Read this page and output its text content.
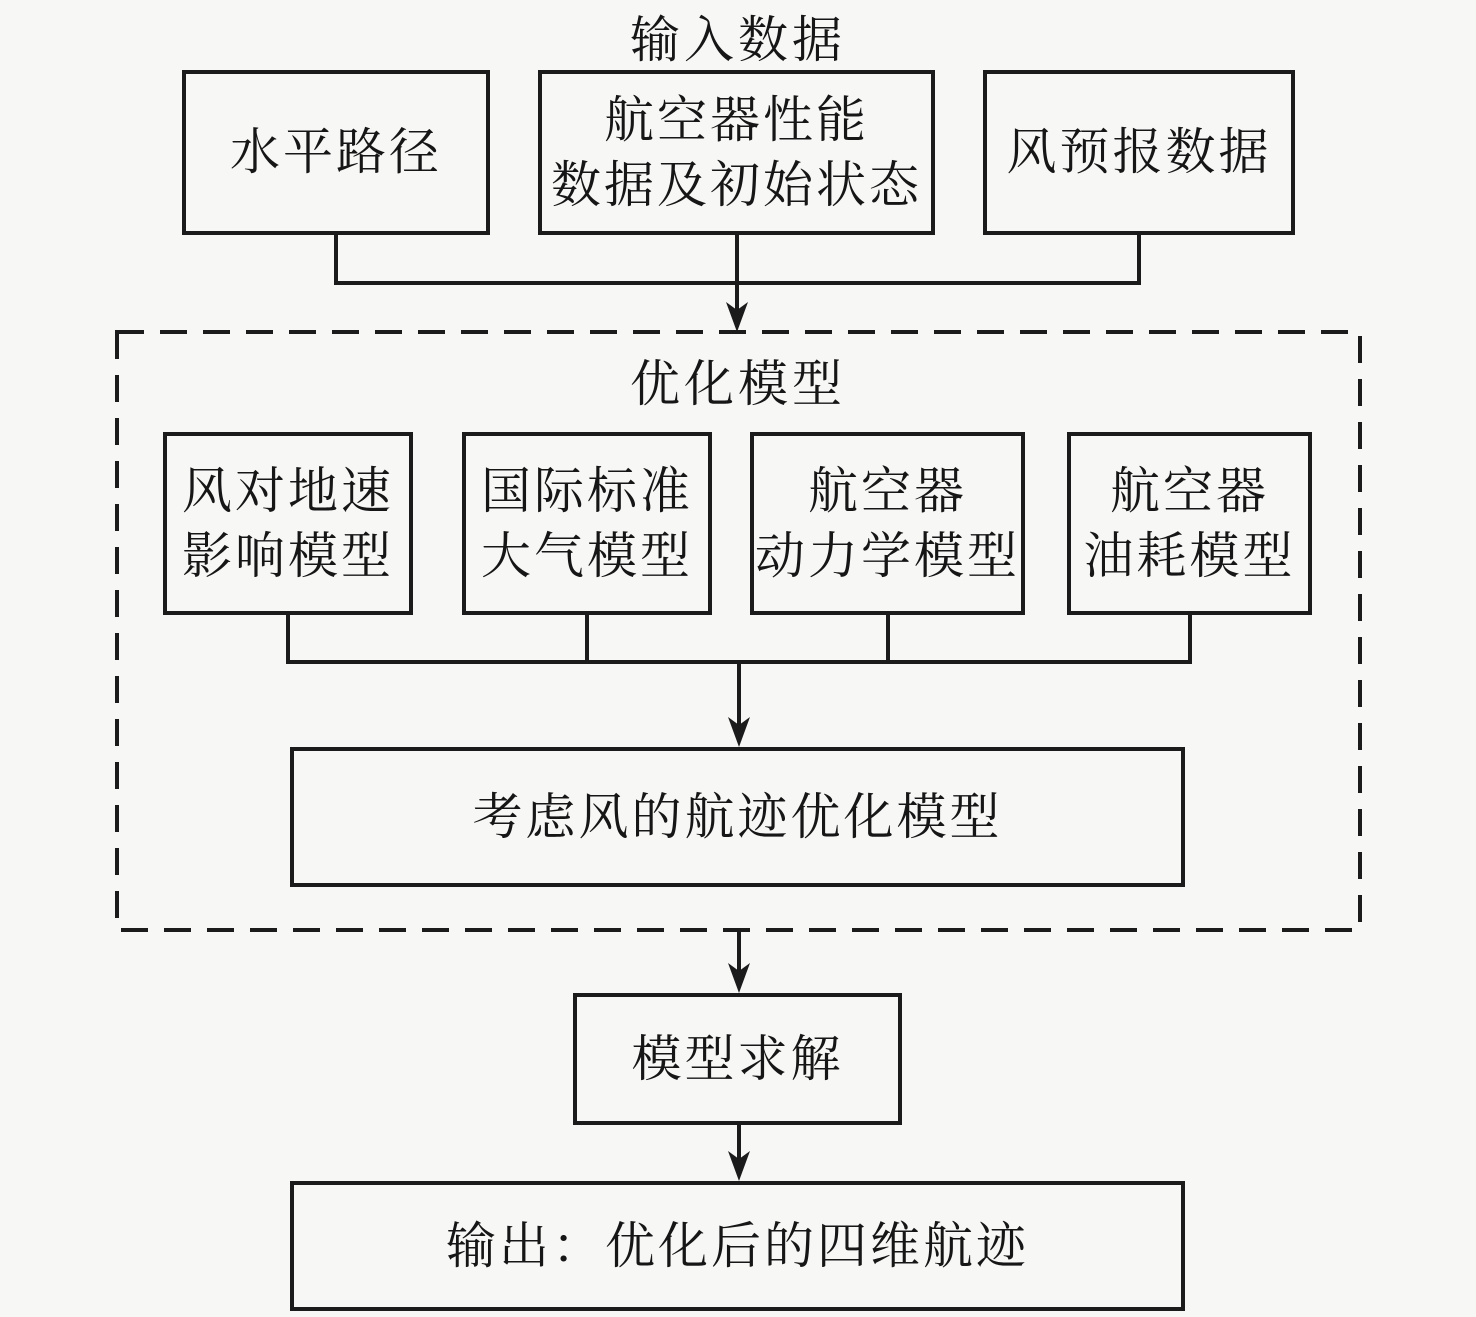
输入数据
优化模型
水平路径
航空器性能
数据及初始状态
风预报数据
风对地速
影响模型
国际标准
大气模型
航空器
动力学模型
航空器
油耗模型
考虑风的航迹优化模型
模型求解
输出：优化后的四维航迹
